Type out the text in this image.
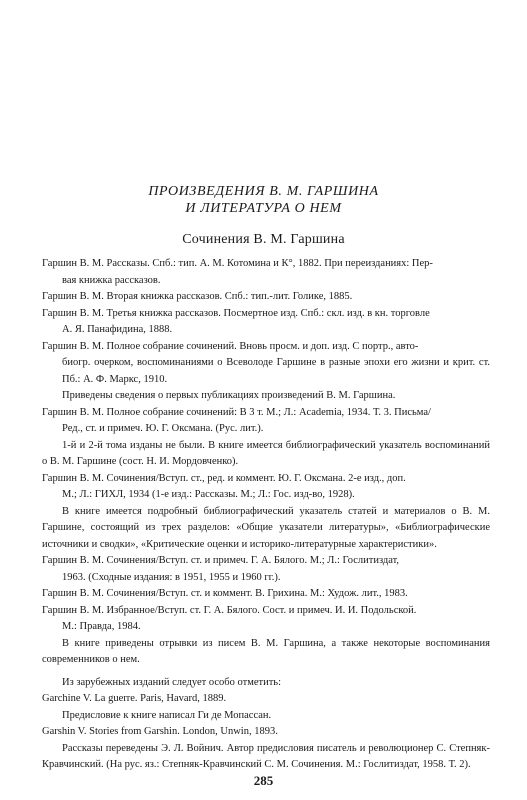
ПРОИЗВЕДЕНИЯ В. М. ГАРШИНА

И ЛИТЕРАТУРА О НЕМ

Сочинения В. М. Гаршина

Гаршин В. М. Рассказы. Спб.: тип. А. М. Котомина и К°, 1882. При переизданиях: Пер-
вая книжка рассказов.

Гаршин В. М. Вторая книжка рассказов. Спб.: тип.-лит. Голике, 1885.

Гаршин В. М. Третья книжка рассказов. Посмертное изд. Спб.: скл. изд. в кн. торговле
А. Я. Панафидина, 1888.

Гаршин В. М. Полное собрание сочинений. Вновь просм. и доп. изд. С портр., авто-
биогр. очерком, воспоминаниями о Всеволоде Гаршине в разные эпохи его жизни и крит. ст. Пб.: А. Ф. Маркс, 1910.

Приведены сведения о первых публикациях произведений В. М. Гаршина.

Гаршин В. М. Полное собрание сочинений: В 3 т. М.; Л.: Academia, 1934. Т. 3. Письма/
Ред., ст. и примеч. Ю. Г. Оксмана. (Рус. лит.).

1-й и 2-й тома изданы не были. В книге имеется библиографический указатель воспоминаний о В. М. Гаршине (сост. Н. И. Мордовченко).

Гаршин В. М. Сочинения/Вступ. ст., ред. и коммент. Ю. Г. Оксмана. 2-е изд., доп.
М.; Л.: ГИХЛ, 1934 (1-е изд.: Рассказы. М.; Л.: Гос. изд-во, 1928).

В книге имеется подробный библиографический указатель статей и материалов о В. М. Гаршине, состоящий из трех разделов: «Общие указатели литературы», «Библиографические источники и сводки», «Критические оценки и историко-литературные характеристики».

Гаршин В. М. Сочинения/Вступ. ст. и примеч. Г. А. Бялого. М.; Л.: Гослитиздат,
1963. (Сходные издания: в 1951, 1955 и 1960 гг.).

Гаршин В. М. Сочинения/Вступ. ст. и коммент. В. Грихина. М.: Худож. лит., 1983.

Гаршин В. М. Избранное/Вступ. ст. Г. А. Бялого. Сост. и примеч. И. И. Подольской.
М.: Правда, 1984.

В книге приведены отрывки из писем В. М. Гаршина, а также некоторые воспоминания современников о нем.

Из зарубежных изданий следует особо отметить:

Garchine V. La guerre. Paris, Havard, 1889.

Предисловие к книге написал Ги де Мопассан.

Garshin V. Stories from Garshin. London, Unwin, 1893.

Рассказы переведены Э. Л. Войнич. Автор предисловия писатель и революционер С. Степняк-Кравчинский. (На рус. яз.: Степняк-Кравчинский С. М. Сочинения. М.: Гослитиздат, 1958. Т. 2).

285
